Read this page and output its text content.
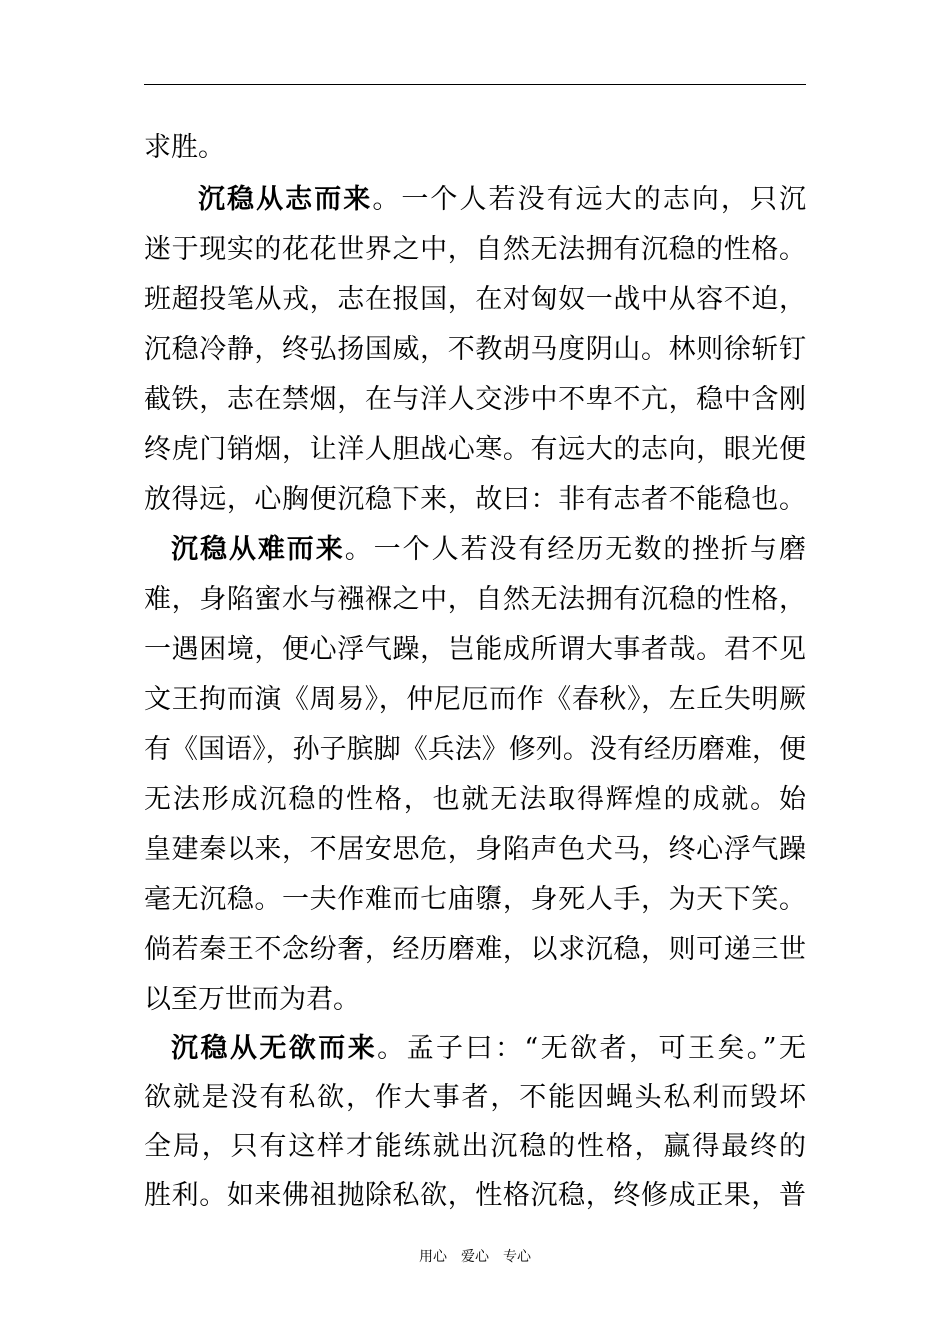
求胜。
沉稳从志而来。一个人若没有远大的志向，只沉
迷于现实的花花世界之中，自然无法拥有沉稳的性格。
班超投笔从戎，志在报国，在对匈奴一战中从容不迫，
沉稳冷静，终弘扬国威，不教胡马度阴山。林则徐斩钉
截铁，志在禁烟，在与洋人交涉中不卑不亢，稳中含刚
终虎门销烟，让洋人胆战心寒。有远大的志向，眼光便
放得远，心胸便沉稳下来，故曰：非有志者不能稳也。
沉稳从难而来。一个人若没有经历无数的挫折与磨
难，身陷蜜水与襁褓之中，自然无法拥有沉稳的性格，
一遇困境，便心浮气躁，岂能成所谓大事者哉。君不见
文王拘而演《周易》，仲尼厄而作《春秋》，左丘失明厥
有《国语》，孙子膑脚《兵法》修列。没有经历磨难，便
无法形成沉稳的性格，也就无法取得辉煌的成就。始
皇建秦以来，不居安思危，身陷声色犬马，终心浮气躁
毫无沉稳。一夫作难而七庙隳，身死人手，为天下笑。
倘若秦王不念纷奢，经历磨难，以求沉稳，则可递三世
以至万世而为君。
沉稳从无欲而来。孟子曰：“无欲者，可王矣。”无
欲就是没有私欲，作大事者，不能因蝇头私利而毁坏
全局，只有这样才能练就出沉稳的性格，赢得最终的
胜利。如来佛祖抛除私欲，性格沉稳，终修成正果，普
用心　爱心　专心
